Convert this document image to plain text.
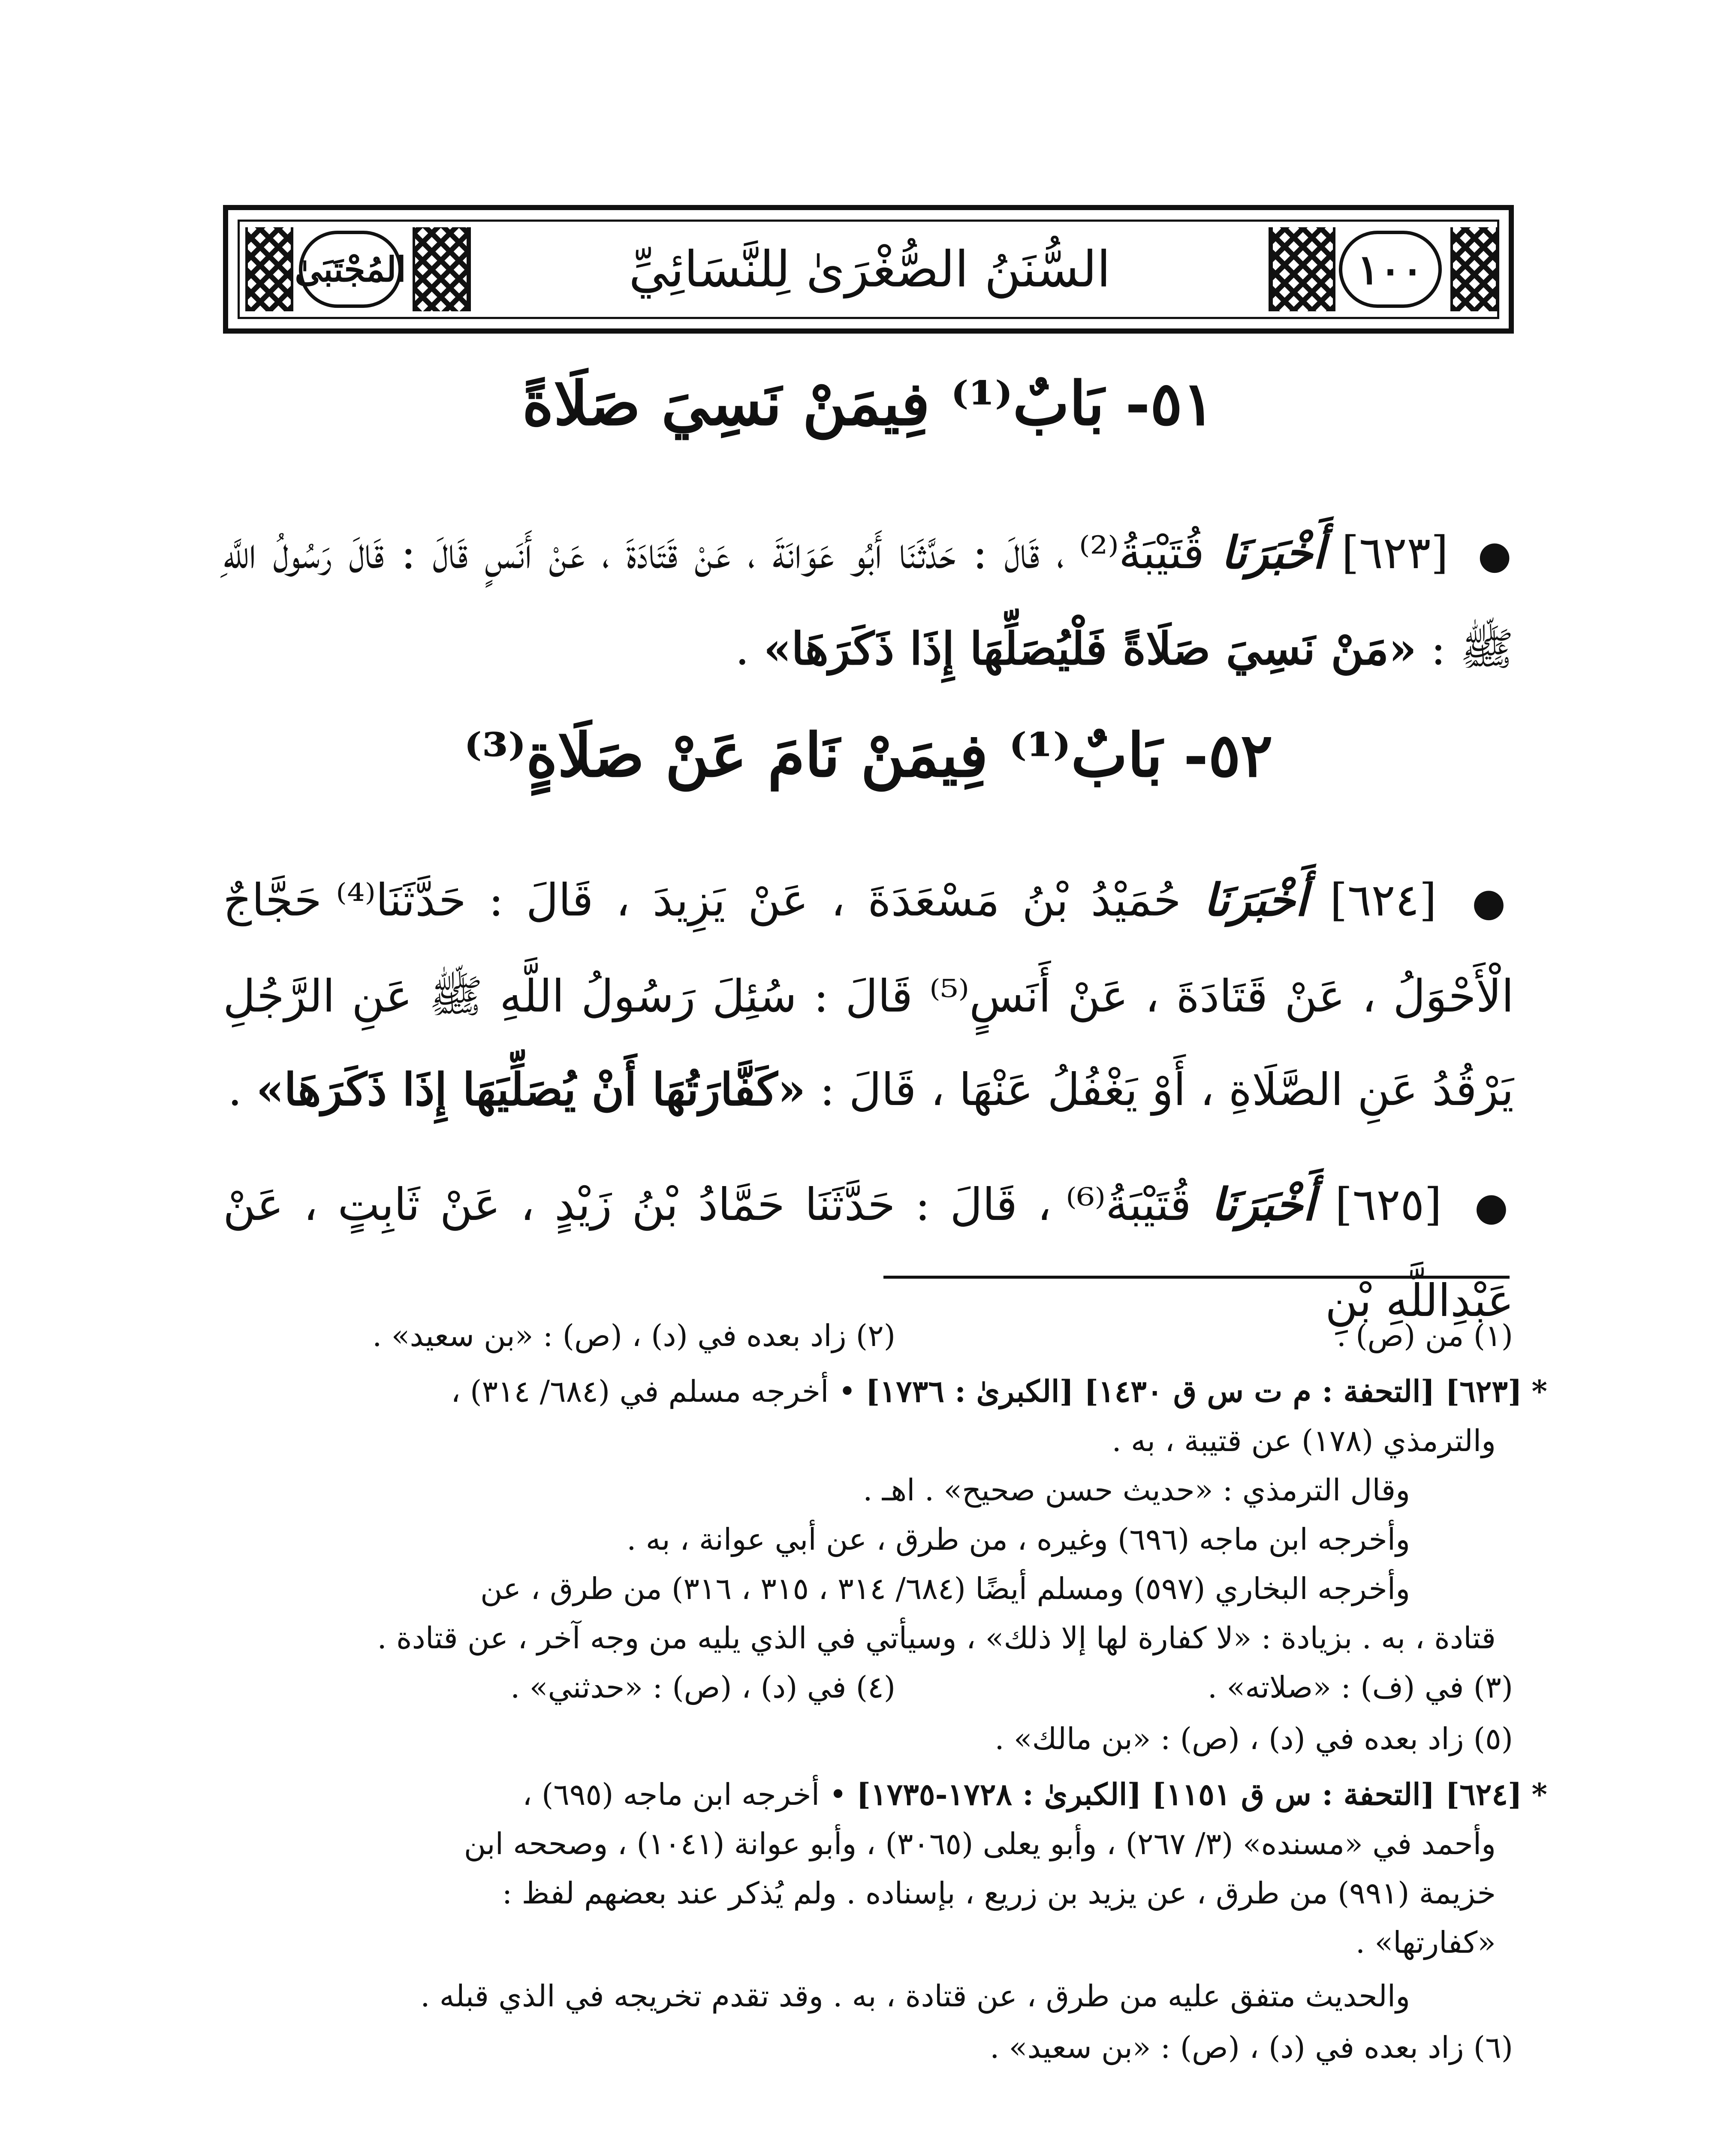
المُجْتَبَىٰ	السُّنَنُ الصُّغْرَىٰ لِلنَّسَائِيِّ	١٠٠
٥١- بَابٌ⁽¹⁾ فِيمَنْ نَسِيَ صَلَاةً
● [٦٢٣] أَخْبَرَنَا قُتَيْبَةُ⁽²⁾ ، قَالَ : حَدَّثَنَا أَبُو عَوَانَةَ ، عَنْ قَتَادَةَ ، عَنْ أَنَسٍ قَالَ : قَالَ رَسُولُ اللَّهِ ﷺ : «مَنْ نَسِيَ صَلَاةً فَلْيُصَلِّهَا إِذَا ذَكَرَهَا» .
٥٢- بَابٌ⁽¹⁾ فِيمَنْ نَامَ عَنْ صَلَاةٍ⁽³⁾
● [٦٢٤] أَخْبَرَنَا حُمَيْدُ بْنُ مَسْعَدَةَ ، عَنْ يَزِيدَ ، قَالَ : حَدَّثَنَا⁽⁴⁾ حَجَّاجٌ الْأَحْوَلُ ، عَنْ قَتَادَةَ ، عَنْ أَنَسٍ⁽⁵⁾ قَالَ : سُئِلَ رَسُولُ اللَّهِ ﷺ عَنِ الرَّجُلِ يَرْقُدُ عَنِ الصَّلَاةِ ، أَوْ يَغْفُلُ عَنْهَا ، قَالَ : «كَفَّارَتُهَا أَنْ يُصَلِّيَهَا إِذَا ذَكَرَهَا» .
● [٦٢٥] أَخْبَرَنَا قُتَيْبَةُ⁽⁶⁾ ، قَالَ : حَدَّثَنَا حَمَّادُ بْنُ زَيْدٍ ، عَنْ ثَابِتٍ ، عَنْ عَبْدِاللَّهِ بْنِ
(١) من (ص) .
(٢) زاد بعده في (د) ، (ص) : «بن سعيد» .
* [٦٢٣] [التحفة : م ت س ق ١٤٣٠] [الكبرىٰ : ١٧٣٦] • أخرجه مسلم في (٦٨٤/ ٣١٤) ،
والترمذي (١٧٨) عن قتيبة ، به .
وقال الترمذي : «حديث حسن صحيح» . اهـ .
وأخرجه ابن ماجه (٦٩٦) وغيره ، من طرق ، عن أبي عوانة ، به .
وأخرجه البخاري (٥٩٧) ومسلم أيضًا (٦٨٤/ ٣١٤ ، ٣١٥ ، ٣١٦) من طرق ، عن
قتادة ، به . بزيادة : «لا كفارة لها إلا ذلك» ، وسيأتي في الذي يليه من وجه آخر ، عن قتادة .
(٣) في (ف) : «صلاته» .
(٤) في (د) ، (ص) : «حدثني» .
(٥) زاد بعده في (د) ، (ص) : «بن مالك» .
* [٦٢٤] [التحفة : س ق ١١٥١] [الكبرىٰ : ١٧٢٨-١٧٣٥] • أخرجه ابن ماجه (٦٩٥) ،
وأحمد في «مسنده» (٣/ ٢٦٧) ، وأبو يعلى (٣٠٦٥) ، وأبو عوانة (١٠٤١) ، وصححه ابن
خزيمة (٩٩١) من طرق ، عن يزيد بن زريع ، بإسناده . ولم يُذكر عند بعضهم لفظ :
«كفارتها» .
والحديث متفق عليه من طرق ، عن قتادة ، به . وقد تقدم تخريجه في الذي قبله .
(٦) زاد بعده في (د) ، (ص) : «بن سعيد» .
